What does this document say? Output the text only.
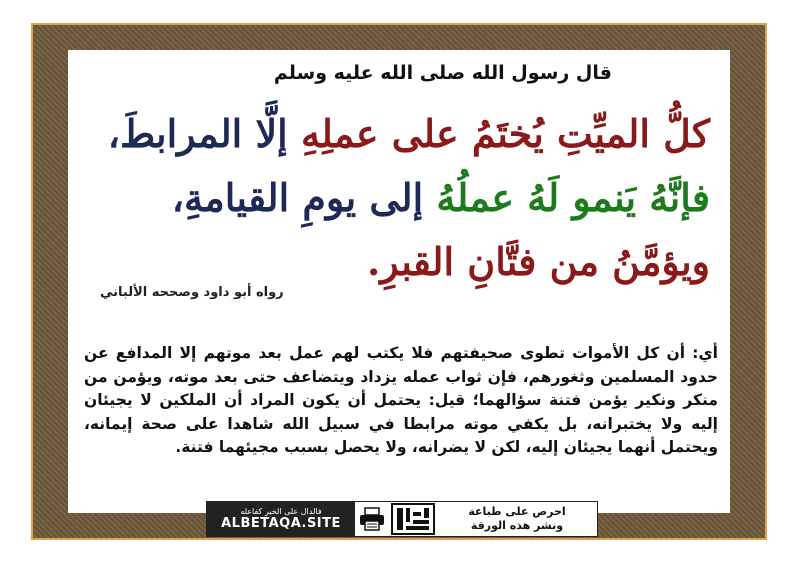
قال رسول الله صلى الله عليه وسلم
كلُّ الميِّتِ يُختَمُ على عملِهِ إلَّا المرابطَ،
فإنَّهُ يَنمو لَهُ عملُهُ إلى يومِ القيامةِ،
ويؤمَّنُ من فتَّانِ القبرِ.
رواه أبو داود وصححه الألباني
أي: أن كل الأموات تطوى صحيفتهم فلا يكتب لهم عمل بعد موتهم إلا المدافع عن حدود المسلمين وثغورهم، فإن ثواب عمله يزداد ويتضاعف حتى بعد موته، ويؤمن من منكر ونكير يؤمن فتنة سؤالهما؛ قيل: يحتمل أن يكون المراد أن الملكين لا يجيئان إليه ولا يختبرانه، بل يكفي موته مرابطا في سبيل الله شاهدا على صحة إيمانه، ويحتمل أنهما يجيئان إليه، لكن لا يضرانه، ولا يحصل بسبب مجيئهما فتنة.
فالدال على الخير كفاعله
ALBETAQA.SITE
احرص على طباعة
ونشر هذه الورقة
